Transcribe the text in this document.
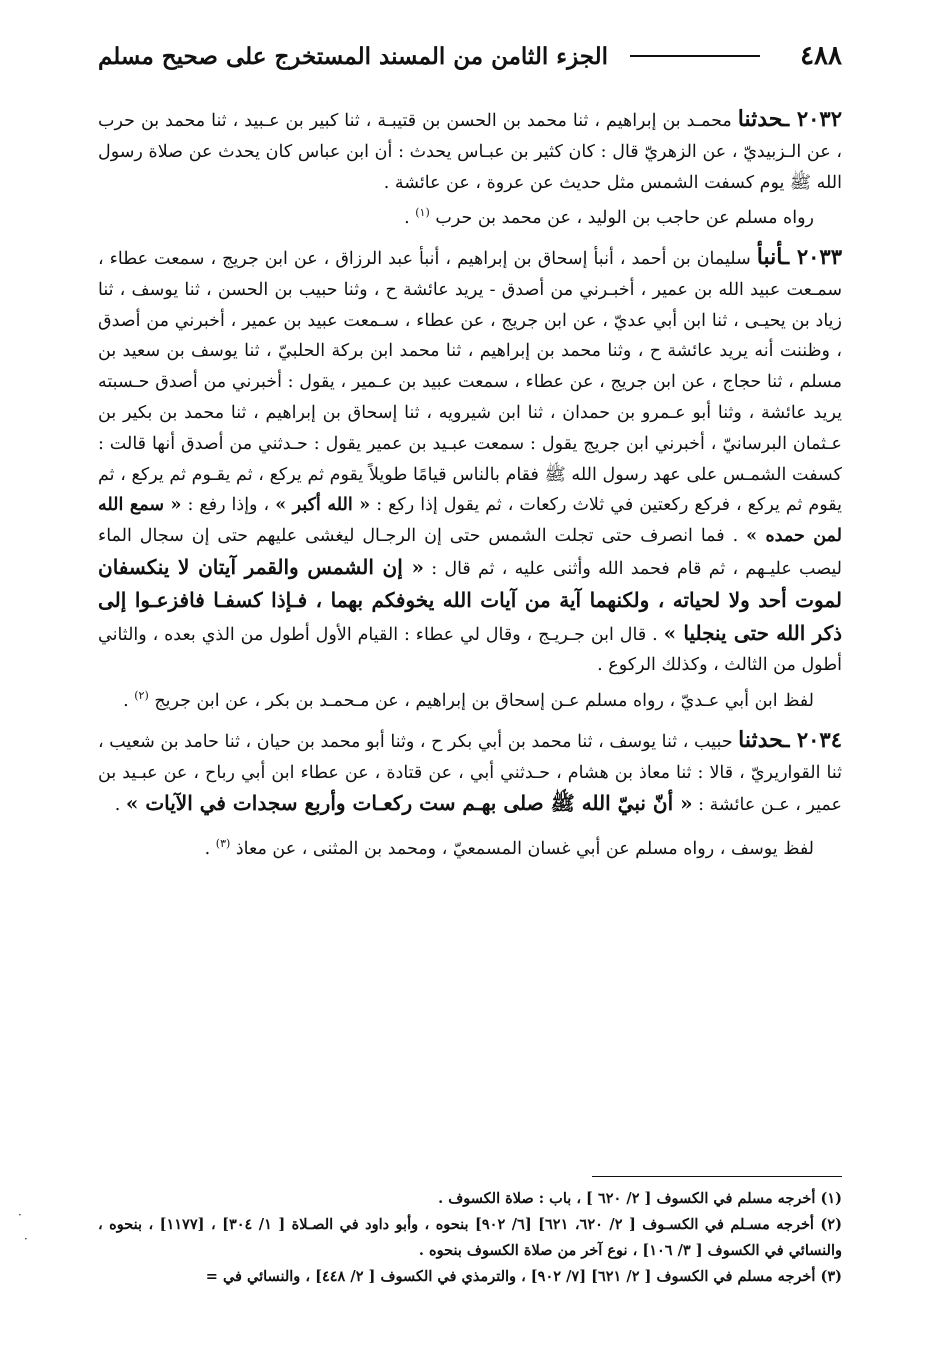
٤٨٨
الجزء الثامن من المسند المستخرج على صحيح مسلم

٢٠٣٢ ـحدثنا محمـد بن إبراهيم ، ثنا محمد بن الحسن بن قتيبـة ، ثنا كبير بن عـبيد ، ثنا محمد بن حرب ، عن الـزبيديّ ، عن الزهريّ قال : كان كثير بن عبـاس يحدث : أن ابن عباس كان يحدث عن صلاة رسول الله ﷺ يوم كسفت الشمس مثل حديث عن عروة ، عن عائشة .

رواه مسلم عن حاجب بن الوليد ، عن محمد بن حرب $^{(١)}$ .

٢٠٣٣ ـأنبأ سليمان بن أحمد ، أنبأ إسحاق بن إبراهيم ، أنبأ عبد الرزاق ، عن ابن جريج ، سمعت عطاء ، سمـعت عبيد الله بن عمير ، أخبـرني من أصدق - يريد عائشة ح ، وثنا حبيب بن الحسن ، ثنا يوسف ، ثنا زياد بن يحيـى ، ثنا ابن أبي عديّ ، عن ابن جريج ، عن عطاء ، سـمعت عبيد بن عمير ، أخبرني من أصدق ، وظننت أنه يريد عائشة ح ، وثنا محمد بن إبراهيم ، ثنا محمد ابن بركة الحلبيّ ، ثنا يوسف بن سعيد بن مسلم ، ثنا حجاج ، عن ابن جريج ، عن عطاء ، سمعت عبيد بن عـمير ، يقول : أخبرني من أصدق حـسبته يريد عائشة ، وثنا أبو عـمرو بن حمدان ، ثنا ابن شيرويه ، ثنا إسحاق بن إبراهيم ، ثنا محمد بن بكير بن عـثمان البرسانيّ ، أخبرني ابن جريج يقول : سمعت عبـيد بن عمير يقول : حـدثني من أصدق أنها قالت : كسفت الشمـس على عهد رسول الله ﷺ فقام بالناس قيامًا طويلاً يقوم ثم يركع ، ثم يقـوم ثم يركع ، ثم يقوم ثم يركع ، فركع ركعتين في ثلاث ركعات ، ثم يقول إذا ركع : « الله أكبر » ، وإذا رفع : « سمع الله لمن حمده » . فما انصرف حتى تجلت الشمس حتى إن الرجـال ليغشى عليهم حتى إن سجال الماء ليصب عليـهم ، ثم قام فحمد الله وأثنى عليه ، ثم قال : « إن الشمس والقمر آيتان لا ينكسفان لموت أحد ولا لحياته ، ولكنهما آية من آيات الله يخوفكم بهما ، فـإذا كسفـا فافزعـوا إلى ذكر الله حتى ينجليا » . قال ابن جـريـج ، وقال لي عطاء : القيام الأول أطول من الذي بعده ، والثاني أطول من الثالث ، وكذلك الركوع .

لفظ ابن أبي عـديّ ، رواه مسلم عـن إسحاق بن إبراهيم ، عن مـحمـد بن بكر ، عن ابن جريج $^{(٢)}$ .

٢٠٣٤ ـحدثنا حبيب ، ثنا يوسف ، ثنا محمد بن أبي بكر ح ، وثنا أبو محمد بن حيان ، ثنا حامد بن شعيب ، ثنا القواريريّ ، قالا : ثنا معاذ بن هشام ، حـدثني أبي ، عن قتادة ، عن عطاء ابن أبي رباح ، عن عبـيد بن عمير ، عـن عائشة : « أنّ نبيّ الله ﷺ صلى بهـم ست ركعـات وأربع سجدات في الآيات » .

لفظ يوسف ، رواه مسلم عن أبي غسان المسمعيّ ، ومحمد بن المثنى ، عن معاذ $^{(٣)}$ .

(١) أخرجه مسلم في الكسوف [ ٢/ ٦٢٠ ] ، باب : صلاة الكسوف .

(٢) أخرجه مسـلم في الكسـوف [ ٢/ ٦٢٠، ٦٢١] [٦/ ٩٠٢] بنحوه ، وأبو داود في الصـلاة [ ١/ ٣٠٤] ، [١١٧٧] ، بنحوه ، والنسائي في الكسوف [ ٣/ ١٠٦] ، نوع آخر من صلاة الكسوف بنحوه .

(٣) أخرجه مسلم في الكسوف [ ٢/ ٦٢١] [٧/ ٩٠٢] ، والترمذي في الكسوف [ ٢/ ٤٤٨] ، والنسائي في =

·
·
